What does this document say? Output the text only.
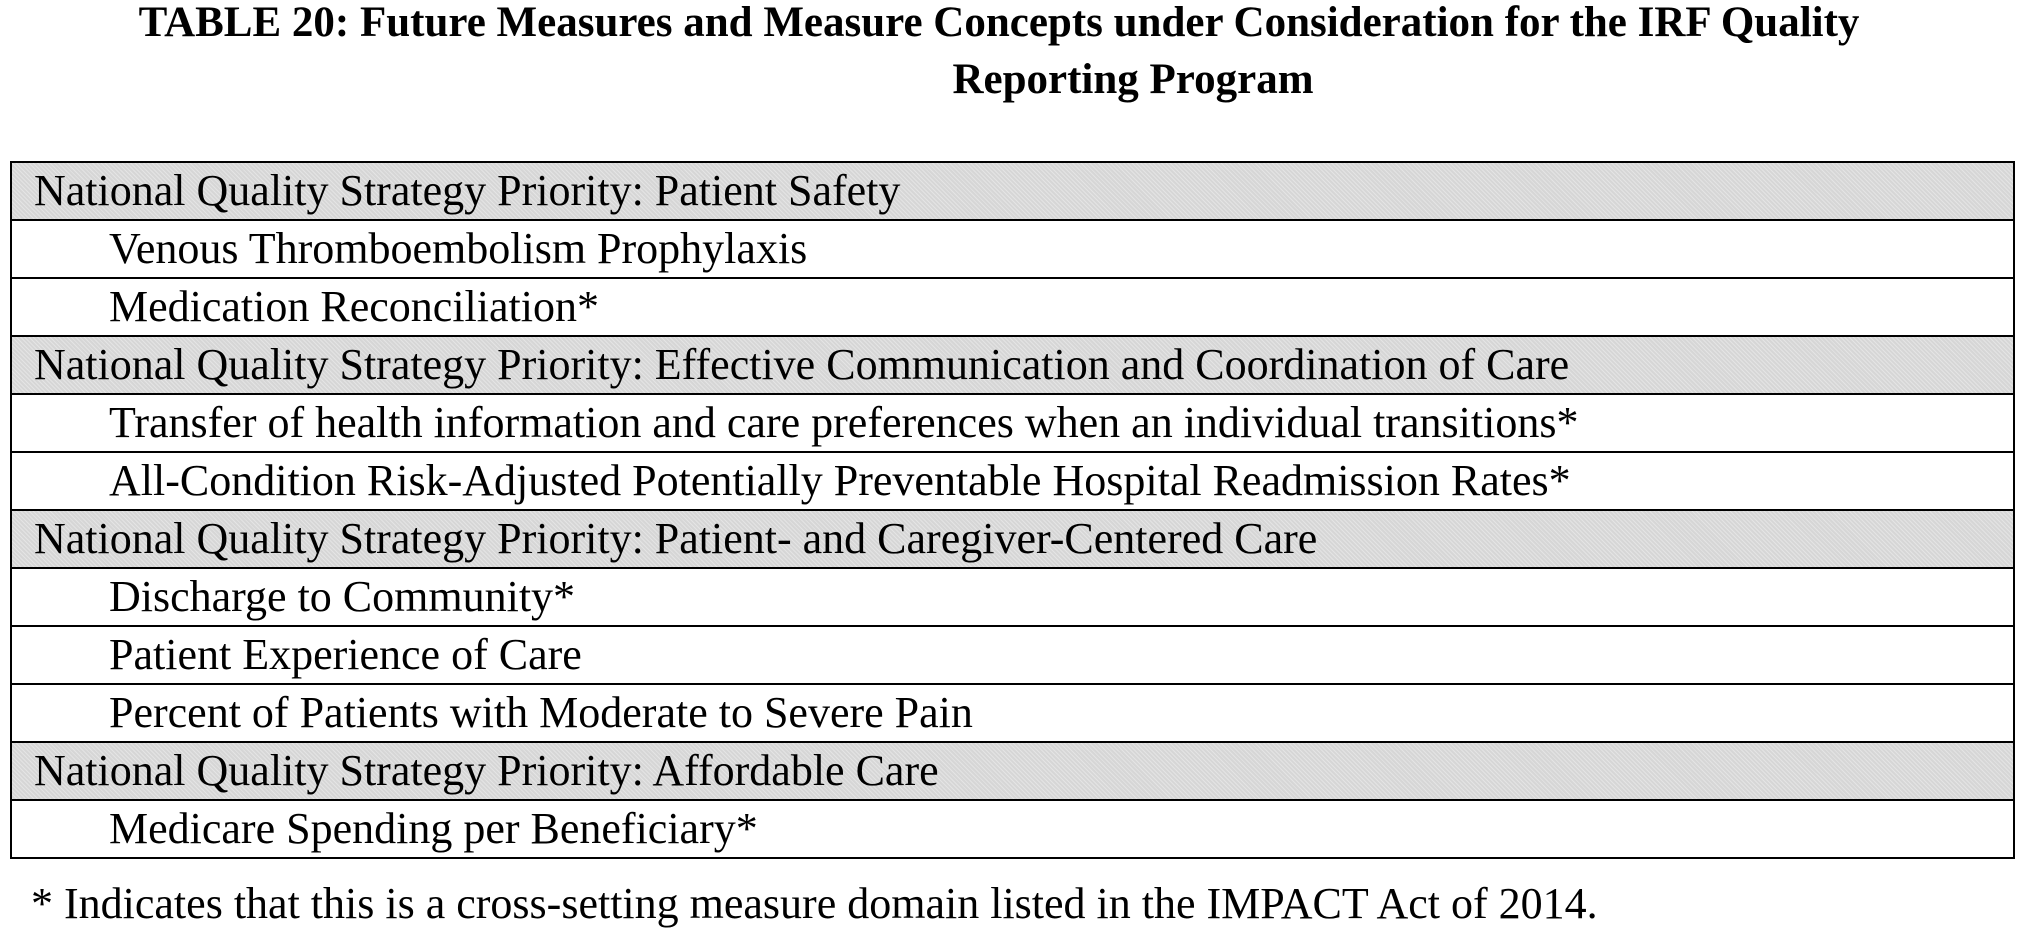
TABLE 20: Future Measures and Measure Concepts under Consideration for the IRF Quality
Reporting Program
National Quality Strategy Priority: Patient Safety
Venous Thromboembolism Prophylaxis
Medication Reconciliation*
National Quality Strategy Priority: Effective Communication and Coordination of Care
Transfer of health information and care preferences when an individual transitions*
All-Condition Risk-Adjusted Potentially Preventable Hospital Readmission Rates*
National Quality Strategy Priority: Patient- and Caregiver-Centered Care
Discharge to Community*
Patient Experience of Care
Percent of Patients with Moderate to Severe Pain
National Quality Strategy Priority: Affordable Care
Medicare Spending per Beneficiary*
* Indicates that this is a cross-setting measure domain listed in the IMPACT Act of 2014.
